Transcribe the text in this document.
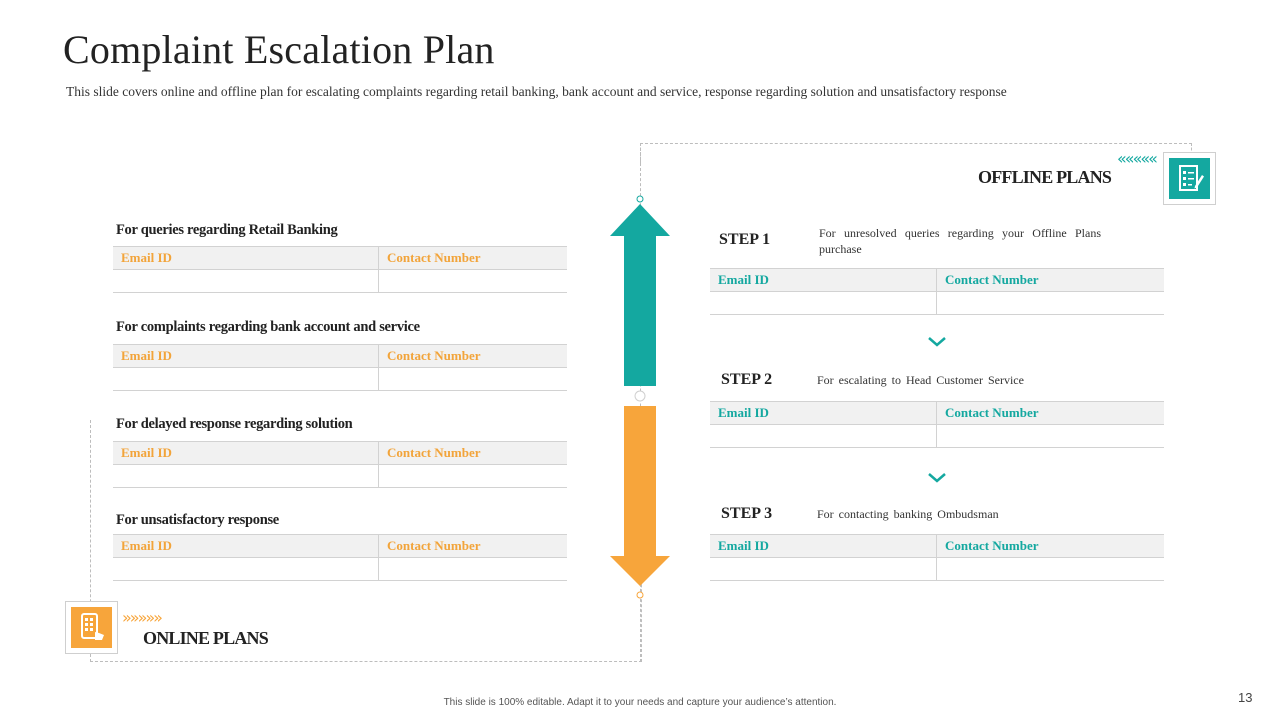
Complaint Escalation Plan
This slide covers online and offline plan for escalating complaints regarding retail banking, bank account and service, response regarding solution and unsatisfactory response
For queries regarding Retail Banking
Email ID	Contact Number

For complaints regarding bank account and service
Email ID	Contact Number

For delayed response regarding solution
Email ID	Contact Number

For unsatisfactory response
Email ID	Contact Number

»»»»»
ONLINE PLANS
«««««
OFFLINE PLANS
STEP 1	For unresolved queries regarding your Offline Plans purchase
Email ID	Contact Number

STEP 2	For escalating to Head Customer Service
Email ID	Contact Number

STEP 3	For contacting banking Ombudsman
Email ID	Contact Number

This slide is 100% editable. Adapt it to your needs and capture your audience’s attention.	13
